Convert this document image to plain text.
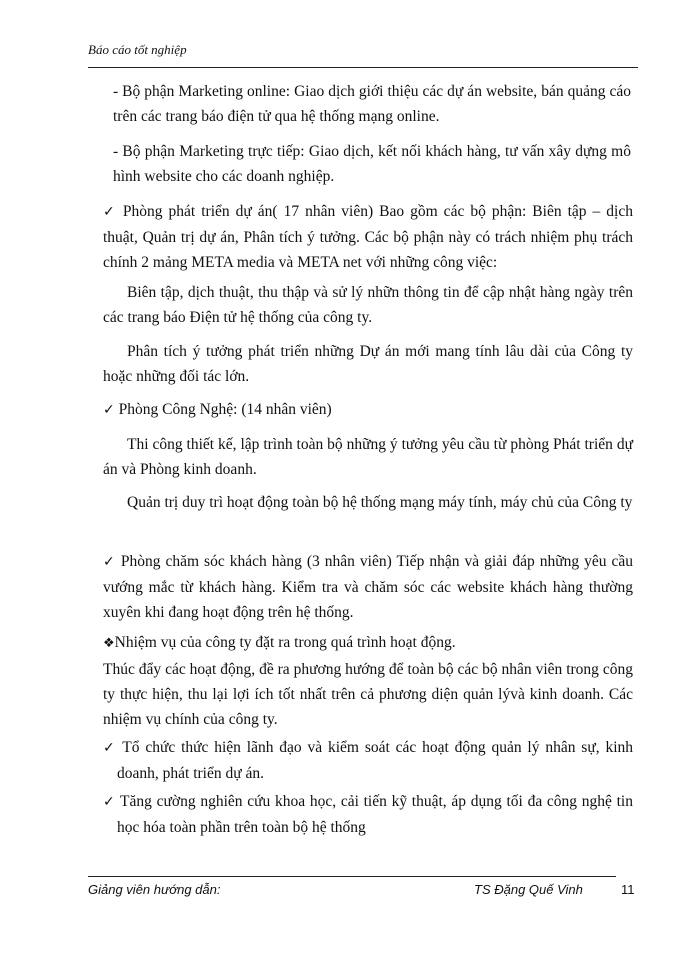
Báo cáo tốt nghiệp
- Bộ phận Marketing online: Giao dịch giới thiệu các dự án website, bán quảng cáo trên các trang báo điện tử qua hệ thống mạng online.
- Bộ phận Marketing trực tiếp: Giao dịch, kết nối khách hàng, tư vấn xây dựng mô hình website cho các doanh nghiệp.
✓ Phòng phát triển dự án( 17 nhân viên) Bao gồm các bộ phận: Biên tập – dịch thuật, Quản trị dự án, Phân tích ý tưởng. Các bộ phận này có trách nhiệm phụ trách chính 2 mảng META media và META net với những công việc:
Biên tập, dịch thuật, thu thập và sử lý nhữn thông tin để cập nhật hàng ngày trên các trang báo Điện tử hệ thống của công ty.
Phân tích ý tưởng phát triển những Dự án mới mang tính lâu dài của Công ty hoặc những đối tác lớn.
✓ Phòng Công Nghệ: (14 nhân viên)
Thi công thiết kế, lập trình toàn bộ những ý tưởng yêu cầu từ phòng Phát triển dự án và Phòng kinh doanh.
Quản trị duy trì hoạt động toàn bộ hệ thống mạng máy tính, máy chủ của Công ty
✓ Phòng chăm sóc khách hàng (3 nhân viên) Tiếp nhận và giải đáp những yêu cầu vướng mắc từ khách hàng. Kiểm tra và chăm sóc các website khách hàng thường xuyên khi đang hoạt động trên hệ thống.
❖Nhiệm vụ của công ty đặt ra trong quá trình hoạt động.
Thúc đẩy các hoạt động, đề ra phương hướng để toàn bộ các bộ nhân viên trong công ty thực hiện, thu lại lợi ích tốt nhất trên cả phương diện quản lývà kinh doanh. Các nhiệm vụ chính của công ty.
✓ Tổ chức thức hiện lãnh đạo và kiểm soát các hoạt động quản lý nhân sự, kinh doanh, phát triển dự án.
✓ Tăng cường nghiên cứu khoa học, cải tiến kỹ thuật, áp dụng tối đa công nghệ tin học hóa toàn phần trên toàn bộ hệ thống
Giảng viên hướng dẫn:	TS Đặng Quế Vinh	11
